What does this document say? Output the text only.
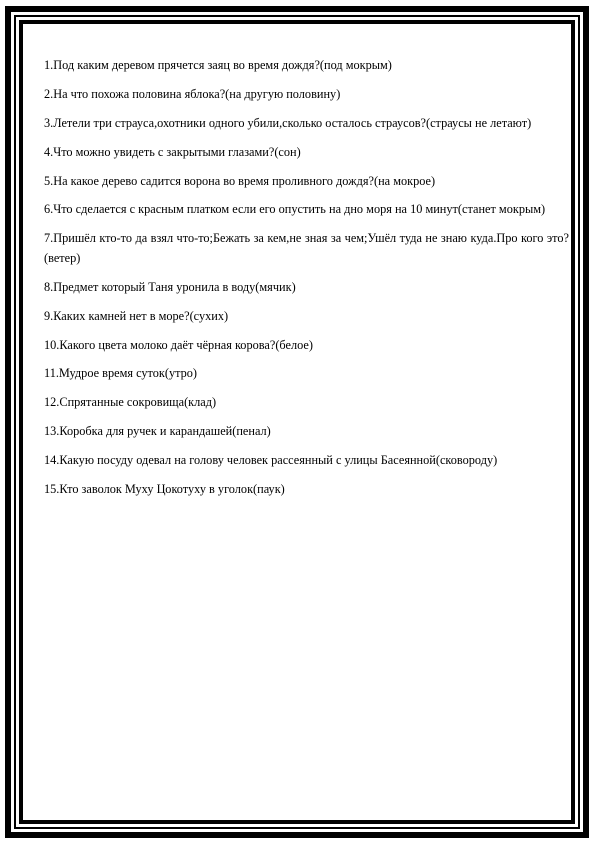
1.Под каким деревом прячется заяц во время дождя?(под мокрым)

2.На что похожа половина яблока?(на другую половину)

3.Летели три страуса,охотники одного убили,сколько осталось страусов?(страусы не летают)

4.Что можно увидеть с закрытыми глазами?(сон)

5.На какое дерево садится ворона во время проливного дождя?(на мокрое)

6.Что сделается с красным платком если его опустить на дно моря на 10 минут(станет мокрым)

7.Пришёл кто-то да взял что-то;Бежать за кем,не зная за чем;Ушёл туда не знаю куда.Про кого это?(ветер)

8.Предмет который Таня уронила в воду(мячик)

9.Каких камней нет в море?(сухих)

10.Какого цвета молоко даёт чёрная корова?(белое)

11.Мудрое время суток(утро)

12.Спрятанные сокровища(клад)

13.Коробка для ручек и карандашей(пенал)

14.Какую посуду одевал на голову человек рассеянный с улицы Басеянной(сковороду)

15.Кто заволок Муху Цокотуху в уголок(паук)
